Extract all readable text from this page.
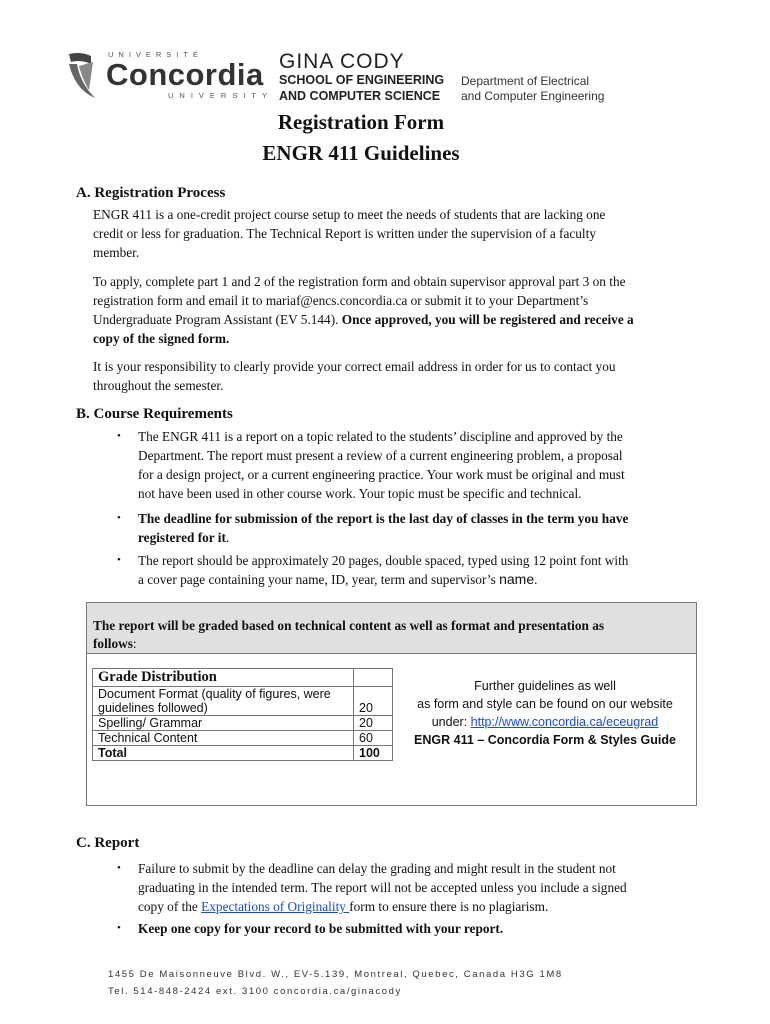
UNIVERSITÉ
Concordia
UNIVERSITY
GINA CODY
SCHOOL OF ENGINEERING
AND COMPUTER SCIENCE
Department of Electrical
and Computer Engineering
Registration Form
ENGR 411 Guidelines
A. Registration Process
ENGR 411 is a one-credit project course setup to meet the needs of students that are lacking one
credit or less for graduation. The Technical Report is written under the supervision of a faculty
member.
To apply, complete part 1 and 2 of the registration form and obtain supervisor approval part 3 on the
registration form and email it to mariaf@encs.concordia.ca or submit it to your Department’s
Undergraduate Program Assistant (EV 5.144). Once approved, you will be registered and receive a
copy of the signed form.
It is your responsibility to clearly provide your correct email address in order for us to contact you
throughout the semester.
B. Course Requirements
• The ENGR 411 is a report on a topic related to the students’ discipline and approved by the
Department. The report must present a review of a current engineering problem, a proposal
for a design project, or a current engineering practice. Your work must be original and must
not have been used in other course work. Your topic must be specific and technical.
• The deadline for submission of the report is the last day of classes in the term you have
registered for it.
• The report should be approximately 20 pages, double spaced, typed using 12 point font with
a cover page containing your name, ID, year, term and supervisor’s name.
The report will be graded based on technical content as well as format and presentation as
follows:
Grade Distribution	

Document Format (quality of figures, were
guidelines followed)	20
Spelling/ Grammar	20
Technical Content	60
Total	100
Further guidelines as well
as form and style can be found on our website
under: http://www.concordia.ca/eceugrad
ENGR 411 – Concordia Form & Styles Guide
C. Report
• Failure to submit by the deadline can delay the grading and might result in the student not
graduating in the intended term. The report will not be accepted unless you include a signed
copy of the Expectations of Originality form to ensure there is no plagiarism.
• Keep one copy for your record to be submitted with your report.
1455 De Maisonneuve Blvd. W., EV-5.139, Montreal, Quebec, Canada H3G 1M8
Tel. 514-848-2424 ext. 3100 concordia.ca/ginacody
